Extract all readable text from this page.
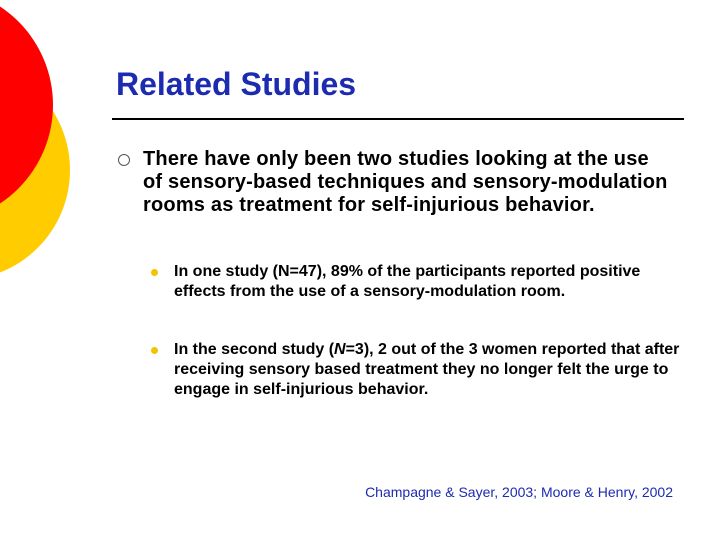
Related Studies
There have only been two studies looking at the use of sensory-based techniques and sensory-modulation rooms as treatment for self-injurious behavior.
In one study (N=47), 89% of the participants reported positive effects from the use of a sensory-modulation room.
In the second study (N=3), 2 out of the 3 women reported that after receiving sensory based treatment they no longer felt the urge to engage in self-injurious behavior.
Champagne & Sayer, 2003; Moore & Henry, 2002
